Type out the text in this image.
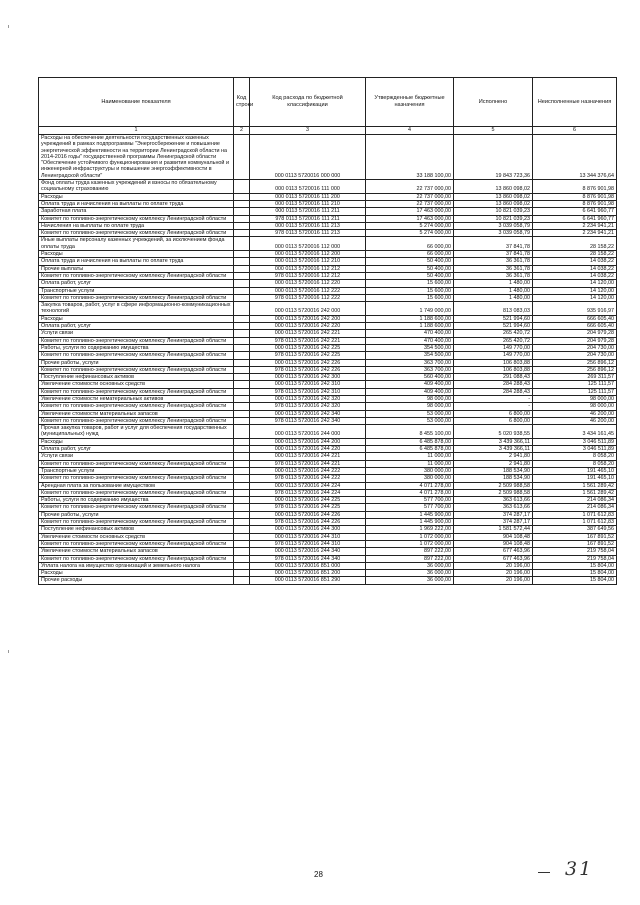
Наименование показателя	Код строки	Код расхода по бюджетной классификации	Утвержденные бюджетные назначения	Исполнено	Неисполненные назначения
1	2	3	4	5	6
Расходы на обеспечение деятельности государственных казенных учреждений в рамках подпрограммы "Энергосбережение и повышение энергетической эффективности на территории Ленинградской области на 2014-2016 годы" государственной программы Ленинградской области "Обеспечение устойчивого функционирования и развития коммунальной и инженерной инфраструктуры и повышение энергоэффективности в Ленинградской области"		000 0113 5720016 000 000	33 188 100,00	19 843 723,36	13 344 376,64
Фонд оплаты труда казенных учреждений и взносы по обязательному социальному страхованию		000 0113 5720016 111 000	22 737 000,00	13 860 098,02	8 876 901,98
Расходы		000 0113 5720016 111 200	22 737 000,00	13 860 098,02	8 876 901,98
Оплата труда и начисления на выплаты по оплате труда		000 0113 5720016 111 210	22 737 000,00	13 860 098,02	8 876 901,98
Заработная плата		000 0113 5720016 111 211	17 463 000,00	10 821 039,23	6 641 960,77
Комитет по топливно-энергетическому комплексу Ленинградской области		978 0113 5720016 111 211	17 463 000,00	10 821 039,23	6 641 960,77
Начисления на выплаты по оплате труда		000 0113 5720016 111 213	5 274 000,00	3 039 058,79	2 234 941,21
Комитет по топливно-энергетическому комплексу Ленинградской области		978 0113 5720016 111 213	5 274 000,00	3 039 058,79	2 234 941,21
Иные выплаты персоналу казенных учреждений, за исключением фонда оплаты труда		000 0113 5720016 112 000	66 000,00	37 841,78	28 158,22
Расходы		000 0113 5720016 112 200	66 000,00	37 841,78	28 158,22
Оплата труда и начисления на выплаты по оплате труда		000 0113 5720016 112 210	50 400,00	36 361,78	14 038,22
Прочие выплаты		000 0113 5720016 112 212	50 400,00	36 361,78	14 038,22
Комитет по топливно-энергетическому комплексу Ленинградской области		978 0113 5720016 112 212	50 400,00	36 361,78	14 038,22
Оплата работ, услуг		000 0113 5720016 112 220	15 600,00	1 480,00	14 120,00
Транспортные услуги		000 0113 5720016 112 222	15 600,00	1 480,00	14 120,00
Комитет по топливно-энергетическому комплексу Ленинградской области		978 0113 5720016 112 222	15 600,00	1 480,00	14 120,00
Закупка товаров, работ, услуг в сфере информационно-коммуникационных технологий		000 0113 5720016 242 000	1 749 000,00	813 083,03	935 916,97
Расходы		000 0113 5720016 242 200	1 188 600,00	521 994,60	666 605,40
Оплата работ, услуг		000 0113 5720016 242 220	1 188 600,00	521 994,60	666 605,40
Услуги связи		000 0113 5720016 242 221	470 400,00	265 420,72	204 979,28
Комитет по топливно-энергетическому комплексу Ленинградской области		978 0113 5720016 242 221	470 400,00	265 420,72	204 979,28
Работы, услуги по содержанию имущества		000 0113 5720016 242 225	354 500,00	149 770,00	204 730,00
Комитет по топливно-энергетическому комплексу Ленинградской области		978 0113 5720016 242 225	354 500,00	149 770,00	204 730,00
Прочие работы, услуги		000 0113 5720016 242 226	363 700,00	106 803,88	256 896,12
Комитет по топливно-энергетическому комплексу Ленинградской области		978 0113 5720016 242 226	363 700,00	106 803,88	256 896,12
Поступление нефинансовых активов		000 0113 5720016 242 300	560 400,00	291 088,43	269 311,57
Увеличение стоимости основных средств		000 0113 5720016 242 310	409 400,00	284 288,43	125 111,57
Комитет по топливно-энергетическому комплексу Ленинградской области		978 0113 5720016 242 310	409 400,00	284 288,43	125 111,57
Увеличение стоимости нематериальных активов		000 0113 5720016 242 320	98 000,00	-	98 000,00
Комитет по топливно-энергетическому комплексу Ленинградской области		978 0113 5720016 242 320	98 000,00	-	98 000,00
Увеличение стоимости материальных запасов		000 0113 5720016 242 340	53 000,00	6 800,00	46 200,00
Комитет по топливно-энергетическому комплексу Ленинградской области		978 0113 5720016 242 340	53 000,00	6 800,00	46 200,00
Прочая закупка товаров, работ и услуг для обеспечения государственных (муниципальных) нужд		000 0113 5720016 244 000	8 455 100,00	5 020 938,55	3 434 161,45
Расходы		000 0113 5720016 244 200	6 485 878,00	3 439 366,11	3 046 511,89
Оплата работ, услуг		000 0113 5720016 244 220	6 485 878,00	3 439 366,11	3 046 511,89
Услуги связи		000 0113 5720016 244 221	11 000,00	2 941,80	8 058,20
Комитет по топливно-энергетическому комплексу Ленинградской области		978 0113 5720016 244 221	11 000,00	2 941,80	8 058,20
Транспортные услуги		000 0113 5720016 244 222	380 000,00	188 534,90	191 465,10
Комитет по топливно-энергетическому комплексу Ленинградской области		978 0113 5720016 244 222	380 000,00	188 534,90	191 465,10
Арендная плата за пользование имуществом		000 0113 5720016 244 224	4 071 278,00	2 509 988,58	1 561 289,42
Комитет по топливно-энергетическому комплексу Ленинградской области		978 0113 5720016 244 224	4 071 278,00	2 509 988,58	1 561 289,42
Работы, услуги по содержанию имущества		000 0113 5720016 244 225	577 700,00	363 613,66	214 086,34
Комитет по топливно-энергетическому комплексу Ленинградской области		978 0113 5720016 244 225	577 700,00	363 613,66	214 086,34
Прочие работы, услуги		000 0113 5720016 244 226	1 445 900,00	374 287,17	1 071 612,83
Комитет по топливно-энергетическому комплексу Ленинградской области		978 0113 5720016 244 226	1 445 900,00	374 287,17	1 071 612,83
Поступление нефинансовых активов		000 0113 5720016 244 300	1 969 222,00	1 581 572,44	387 649,56
Увеличение стоимости основных средств		000 0113 5720016 244 310	1 072 000,00	904 108,48	167 891,52
Комитет по топливно-энергетическому комплексу Ленинградской области		978 0113 5720016 244 310	1 072 000,00	904 108,48	167 891,52
Увеличение стоимости материальных запасов		000 0113 5720016 244 340	897 222,00	677 463,96	219 758,04
Комитет по топливно-энергетическому комплексу Ленинградской области		978 0113 5720016 244 340	897 222,00	677 463,96	219 758,04
Уплата налога на имущество организаций и земельного налога		000 0113 5720016 851 000	36 000,00	20 196,00	15 804,00
Расходы		000 0113 5720016 851 200	36 000,00	20 196,00	15 804,00
Прочие расходы		000 0113 5720016 851 290	36 000,00	20 196,00	15 804,00
28	31
